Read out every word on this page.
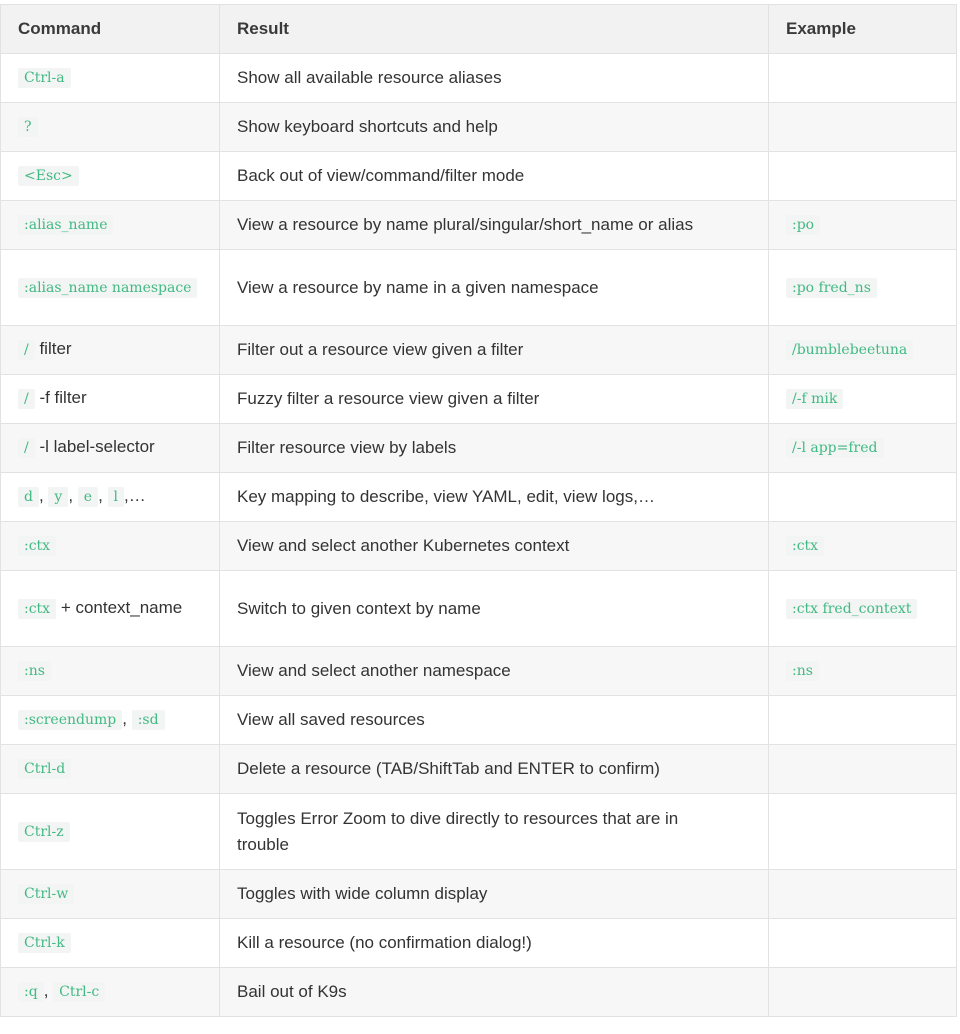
Command	Result	Example
Ctrl-a	Show all available resource aliases	
?	Show keyboard shortcuts and help	
<Esc>	Back out of view/command/filter mode	
:alias_name	View a resource by name plural/singular/short_name or alias	:po
:alias_name namespace	View a resource by name in a given namespace	:po fred_ns
/ filter	Filter out a resource view given a filter	/bumblebeetuna
/ -f filter	Fuzzy filter a resource view given a filter	/-f mik
/ -l label-selector	Filter resource view by labels	/-l app=fred
d , y , e , l ,…	Key mapping to describe, view YAML, edit, view logs,…	
:ctx	View and select another Kubernetes context	:ctx
:ctx + context_name	Switch to given context by name	:ctx fred_context
:ns	View and select another namespace	:ns
:screendump , :sd	View all saved resources	
Ctrl-d	Delete a resource (TAB/ShiftTab and ENTER to confirm)	
Ctrl-z	Toggles Error Zoom to dive directly to resources that are in trouble	
Ctrl-w	Toggles with wide column display	
Ctrl-k	Kill a resource (no confirmation dialog!)	
:q , Ctrl-c	Bail out of K9s	
